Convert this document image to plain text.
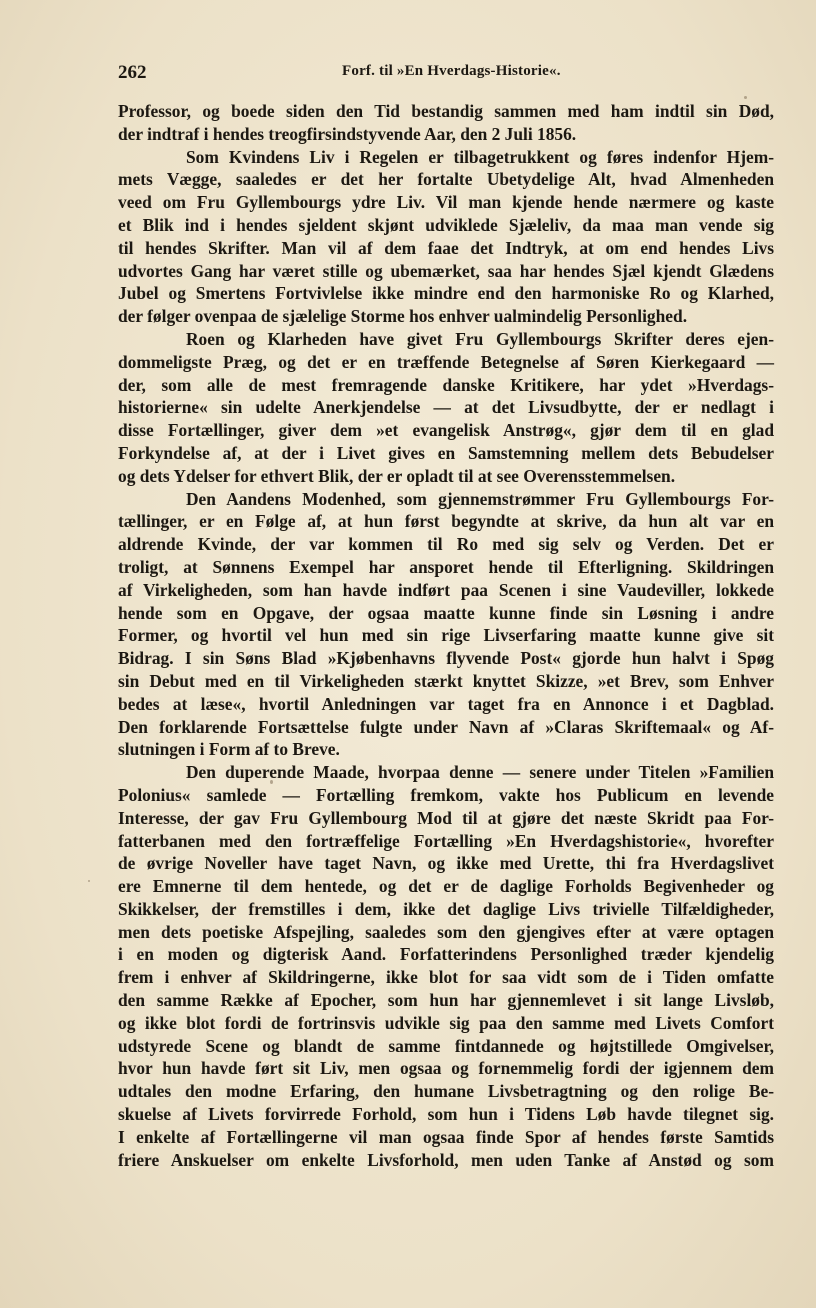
262	Forf. til »En Hverdags-Historie«.
Professor, og boede siden den Tid bestandig sammen med ham indtil sin Død,
der indtraf i hendes treogfirsindstyvende Aar, den 2 Juli 1856.
Som Kvindens Liv i Regelen er tilbagetrukkent og føres indenfor Hjem-
mets Vægge, saaledes er det her fortalte Ubetydelige Alt, hvad Almenheden
veed om Fru Gyllembourgs ydre Liv. Vil man kjende hende nærmere og kaste
et Blik ind i hendes sjeldent skjønt udviklede Sjæleliv, da maa man vende sig
til hendes Skrifter. Man vil af dem faae det Indtryk, at om end hendes Livs
udvortes Gang har været stille og ubemærket, saa har hendes Sjæl kjendt Glædens
Jubel og Smertens Fortvivlelse ikke mindre end den harmoniske Ro og Klarhed,
der følger ovenpaa de sjælelige Storme hos enhver ualmindelig Personlighed.
Roen og Klarheden have givet Fru Gyllembourgs Skrifter deres ejen-
dommeligste Præg, og det er en træffende Betegnelse af Søren Kierkegaard —
der, som alle de mest fremragende danske Kritikere, har ydet »Hverdags-
historierne« sin udelte Anerkjendelse — at det Livsudbytte, der er nedlagt i
disse Fortællinger, giver dem »et evangelisk Anstrøg«, gjør dem til en glad
Forkyndelse af, at der i Livet gives en Samstemning mellem dets Bebudelser
og dets Ydelser for ethvert Blik, der er opladt til at see Overensstemmelsen.
Den Aandens Modenhed, som gjennemstrømmer Fru Gyllembourgs For-
tællinger, er en Følge af, at hun først begyndte at skrive, da hun alt var en
aldrende Kvinde, der var kommen til Ro med sig selv og Verden. Det er
troligt, at Sønnens Exempel har ansporet hende til Efterligning. Skildringen
af Virkeligheden, som han havde indført paa Scenen i sine Vaudeviller, lokkede
hende som en Opgave, der ogsaa maatte kunne finde sin Løsning i andre
Former, og hvortil vel hun med sin rige Livserfaring maatte kunne give sit
Bidrag. I sin Søns Blad »Kjøbenhavns flyvende Post« gjorde hun halvt i Spøg
sin Debut med en til Virkeligheden stærkt knyttet Skizze, »et Brev, som Enhver
bedes at læse«, hvortil Anledningen var taget fra en Annonce i et Dagblad.
Den forklarende Fortsættelse fulgte under Navn af »Claras Skriftemaal« og Af-
slutningen i Form af to Breve.
Den duperende Maade, hvorpaa denne — senere under Titelen »Familien
Polonius« samlede — Fortælling fremkom, vakte hos Publicum en levende
Interesse, der gav Fru Gyllembourg Mod til at gjøre det næste Skridt paa For-
fatterbanen med den fortræffelige Fortælling »En Hverdagshistorie«, hvorefter
de øvrige Noveller have taget Navn, og ikke med Urette, thi fra Hverdagslivet
ere Emnerne til dem hentede, og det er de daglige Forholds Begivenheder og
Skikkelser, der fremstilles i dem, ikke det daglige Livs trivielle Tilfældigheder,
men dets poetiske Afspejling, saaledes som den gjengives efter at være optagen
i en moden og digterisk Aand. Forfatterindens Personlighed træder kjendelig
frem i enhver af Skildringerne, ikke blot for saa vidt som de i Tiden omfatte
den samme Række af Epocher, som hun har gjennemlevet i sit lange Livsløb,
og ikke blot fordi de fortrinsvis udvikle sig paa den samme med Livets Comfort
udstyrede Scene og blandt de samme fintdannede og højtstillede Omgivelser,
hvor hun havde ført sit Liv, men ogsaa og fornemmelig fordi der igjennem dem
udtales den modne Erfaring, den humane Livsbetragtning og den rolige Be-
skuelse af Livets forvirrede Forhold, som hun i Tidens Løb havde tilegnet sig.
I enkelte af Fortællingerne vil man ogsaa finde Spor af hendes første Samtids
friere Anskuelser om enkelte Livsforhold, men uden Tanke af Anstød og som
